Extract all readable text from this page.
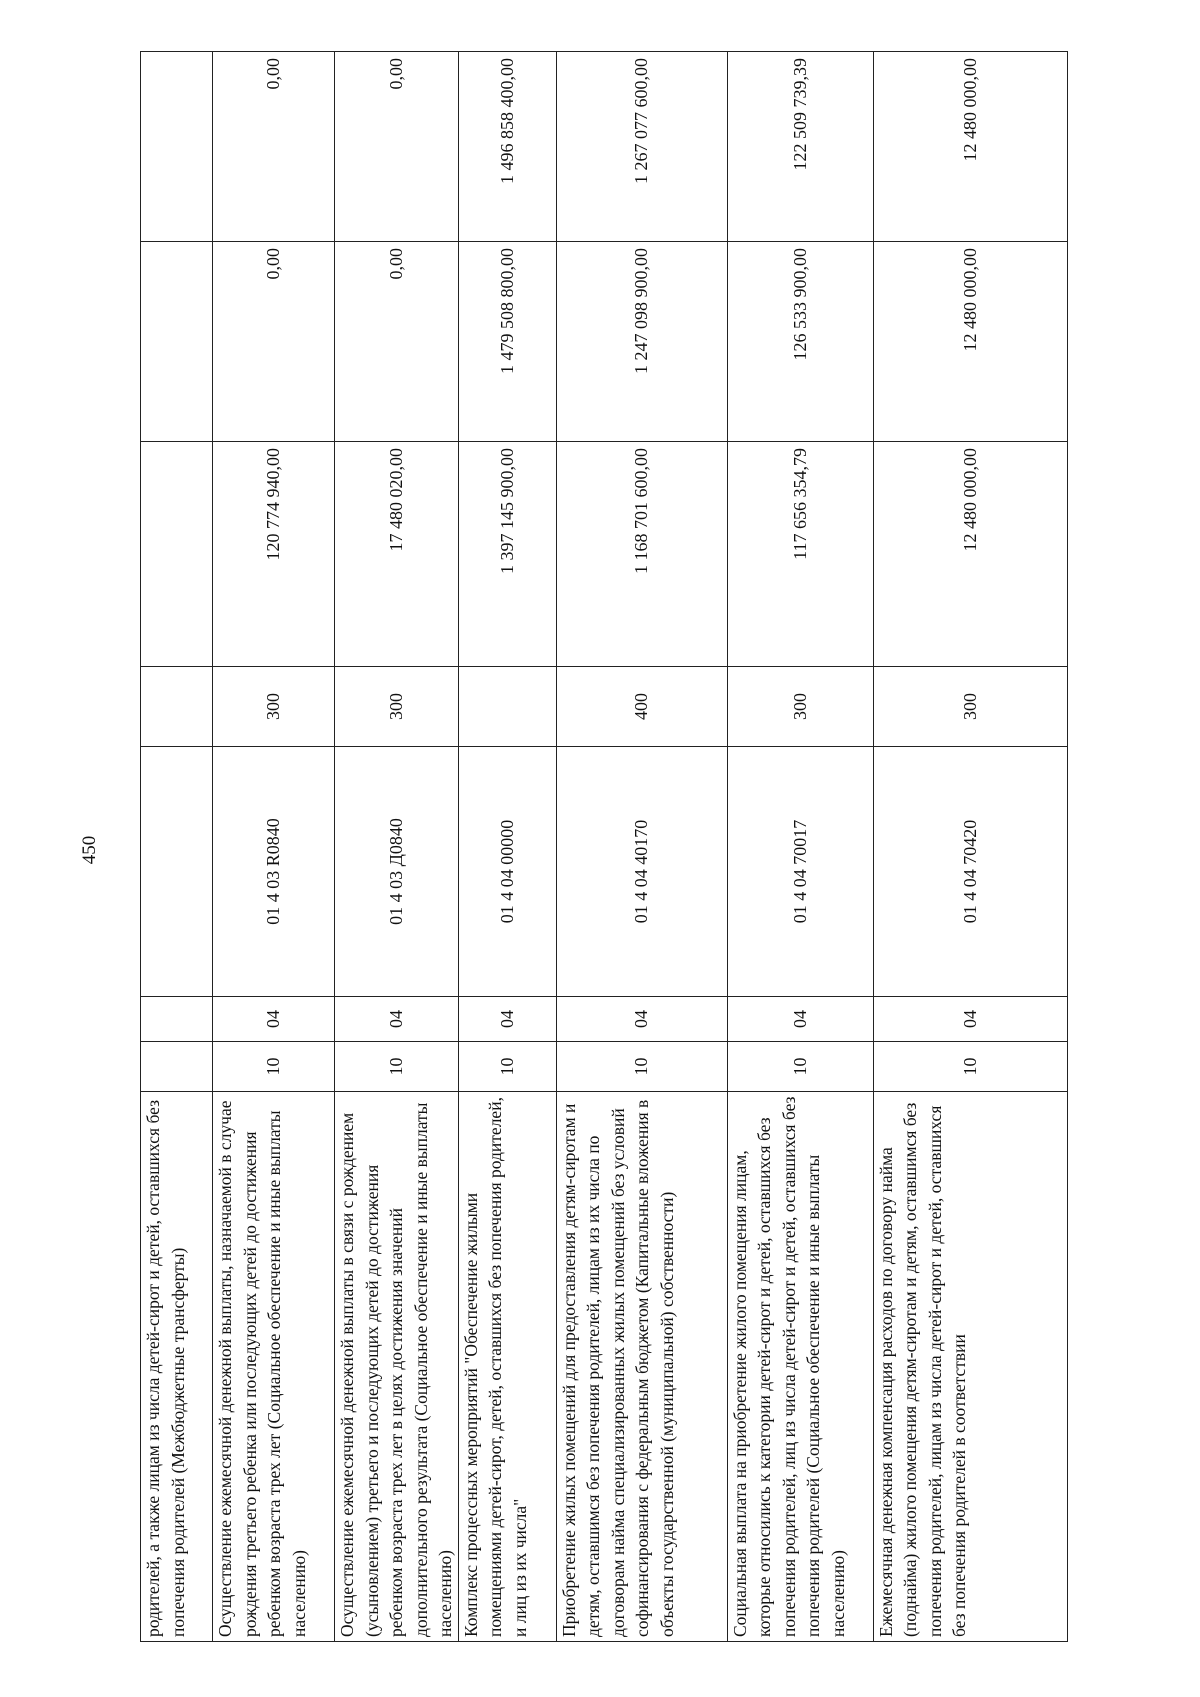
450
родителей, а также лицам из числа детей-сирот и детей, оставшихся без попечения родителей (Межбюджетные трансферты)							
Осуществление ежемесячной денежной выплаты, назначаемой в случае рождения третьего ребенка или последующих детей до достижения ребенком возраста трех лет (Социальное обеспечение и иные выплаты населению)	10	04	01 4 03 R0840	300	120 774 940,00	0,00	0,00
Осуществление ежемесячной денежной выплаты в связи с рождением (усыновлением) третьего и последующих детей до достижения ребенком возраста трех лет в целях достижения значений дополнительного результата (Социальное обеспечение и иные выплаты населению)	10	04	01 4 03 Д0840	300	17 480 020,00	0,00	0,00
Комплекс процессных мероприятий "Обеспечение жилыми помещениями детей-сирот, детей, оставшихся без попечения родителей, и лиц из их числа"	10	04	01 4 04 00000		1 397 145 900,00	1 479 508 800,00	1 496 858 400,00
Приобретение жилых помещений для предоставления детям-сиротам и детям, оставшимся без попечения родителей, лицам из их числа по договорам найма специализированных жилых помещений без условий софинансирования с федеральным бюджетом (Капитальные вложения в объекты государственной (муниципальной) собственности)	10	04	01 4 04 40170	400	1 168 701 600,00	1 247 098 900,00	1 267 077 600,00
Социальная выплата на приобретение жилого помещения лицам, которые относились к категории детей-сирот и детей, оставшихся без попечения родителей, лиц из числа детей-сирот и детей, оставшихся без попечения родителей (Социальное обеспечение и иные выплаты населению)	10	04	01 4 04 70017	300	117 656 354,79	126 533 900,00	122 509 739,39
Ежемесячная денежная компенсация расходов по договору найма (поднайма) жилого помещения детям-сиротам и детям, оставшимся без попечения родителей, лицам из числа детей-сирот и детей, оставшихся без попечения родителей в соответствии	10	04	01 4 04 70420	300	12 480 000,00	12 480 000,00	12 480 000,00
